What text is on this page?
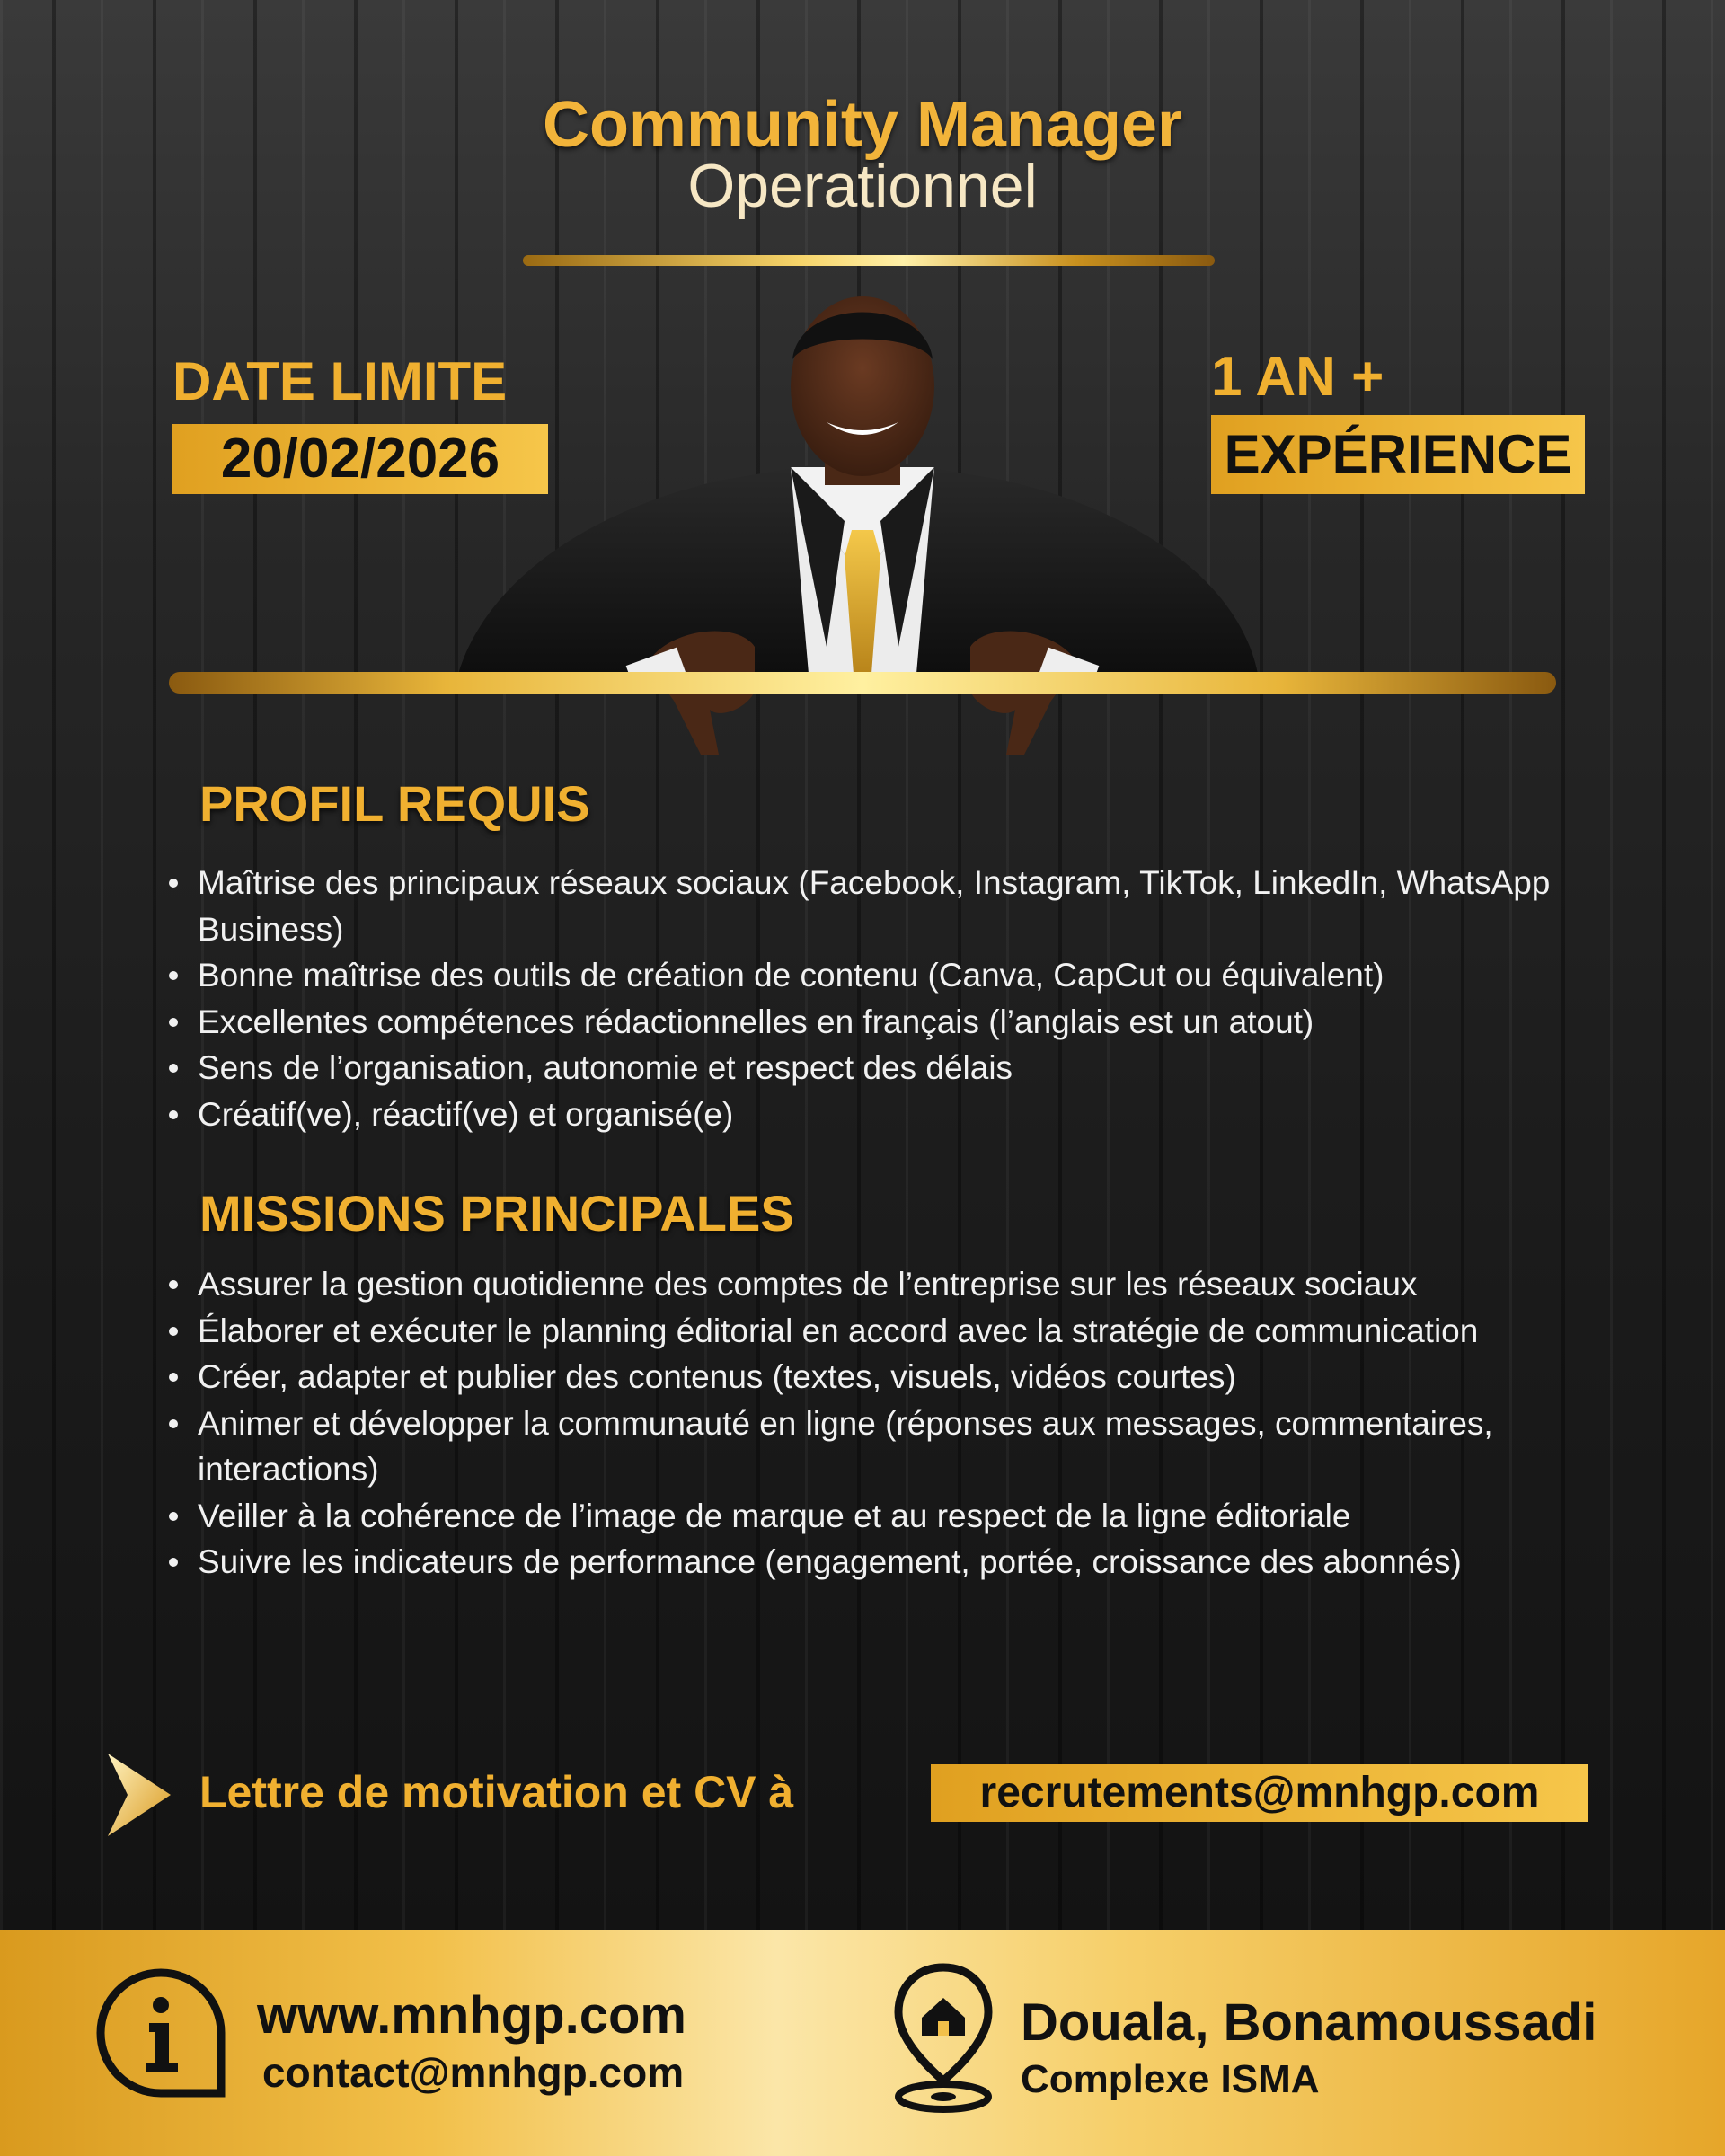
Community Manager
Operationnel
DATE LIMITE
20/02/2026
1 AN +
EXPÉRIENCE
PROFIL REQUIS
Maîtrise des principaux réseaux sociaux (Facebook, Instagram, TikTok, LinkedIn, WhatsApp Business)
Bonne maîtrise des outils de création de contenu (Canva, CapCut ou équivalent)
Excellentes compétences rédactionnelles en français (l’anglais est un atout)
Sens de l’organisation, autonomie et respect des délais
Créatif(ve), réactif(ve) et organisé(e)
MISSIONS PRINCIPALES
Assurer la gestion quotidienne des comptes de l’entreprise sur les réseaux sociaux
Élaborer et exécuter le planning éditorial en accord avec la stratégie de communication
Créer, adapter et publier des contenus (textes, visuels, vidéos courtes)
Animer et développer la communauté en ligne (réponses aux messages, commentaires, interactions)
Veiller à la cohérence de l’image de marque et au respect de la ligne éditoriale
Suivre les indicateurs de performance (engagement, portée, croissance des abonnés)
Lettre de motivation et CV à	recrutements@mnhgp.com
www.mnhgp.com
contact@mnhgp.com
Douala, Bonamoussadi
Complexe ISMA
